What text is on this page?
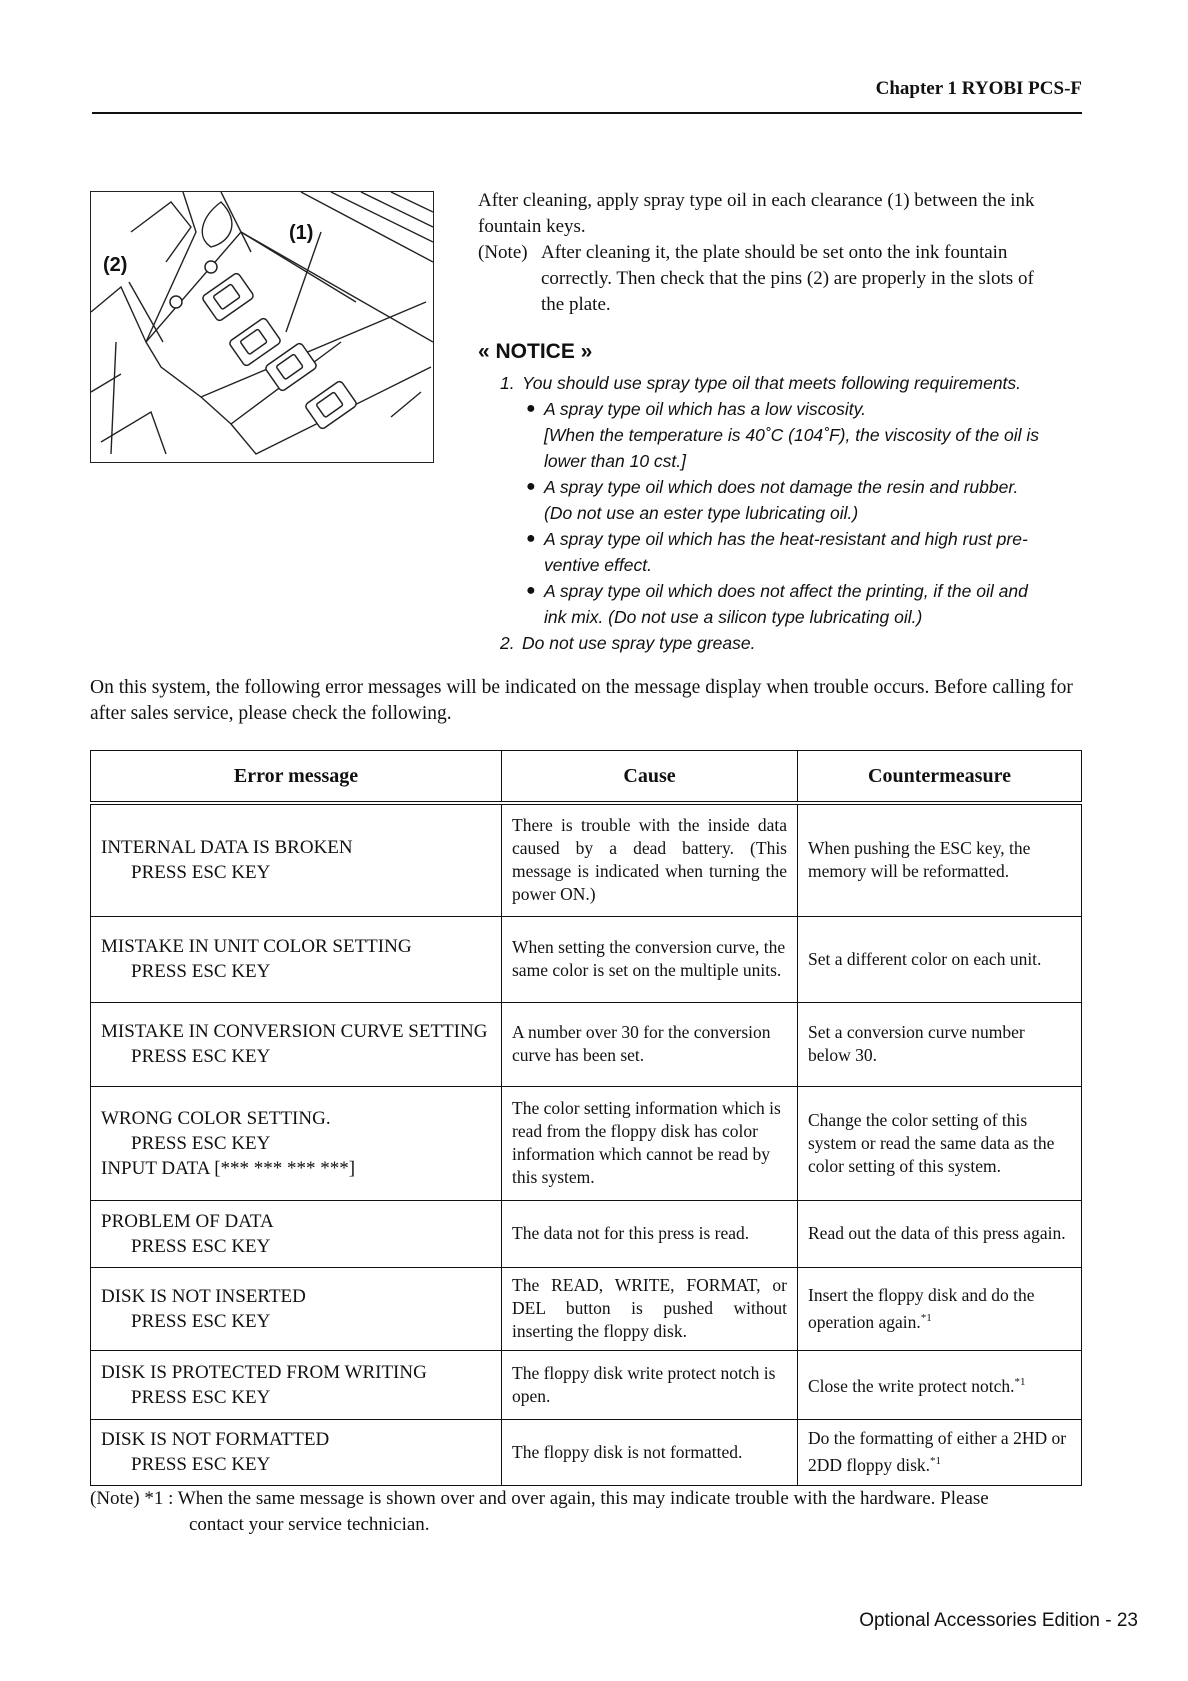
Chapter 1 RYOBI PCS-F
(1)
(2)

After cleaning, apply spray type oil in each clearance (1) between the ink fountain keys.

(Note) After cleaning it, the plate should be set onto the ink fountain
correctly. Then check that the pins (2) are properly in the slots of
the plate.
« NOTICE »
1. You should use spray type oil that meets following requirements.
● A spray type oil which has a low viscosity.
[When the temperature is 40˚C (104˚F), the viscosity of the oil is
lower than 10 cst.]
● A spray type oil which does not damage the resin and rubber.
(Do not use an ester type lubricating oil.)
● A spray type oil which has the heat-resistant and high rust pre-
ventive effect.
● A spray type oil which does not affect the printing, if the oil and
ink mix. (Do not use a silicon type lubricating oil.)
2. Do not use spray type grease.
On this system, the following error messages will be indicated on the message display when trouble occurs. Before calling for after sales service, please check the following.
Error message	Cause	Countermeasure

INTERNAL DATA IS BROKEN
PRESS ESC KEY	There is trouble with the inside data caused by a dead battery. (This message is indicated when turning the power ON.)	When pushing the ESC key, the memory will be reformatted.

MISTAKE IN UNIT COLOR SETTING
PRESS ESC KEY	When setting the conversion curve, the same color is set on the multiple units.	Set a different color on each unit.

MISTAKE IN CONVERSION CURVE SETTING
PRESS ESC KEY	A number over 30 for the conversion curve has been set.	Set a conversion curve number below 30.

WRONG COLOR SETTING.
PRESS ESC KEY
INPUT DATA [*** *** *** ***]	The color setting information which is read from the floppy disk has color information which cannot be read by this system.	Change the color setting of this system or read the same data as the color setting of this system.

PROBLEM OF DATA
PRESS ESC KEY	The data not for this press is read.	Read out the data of this press again.

DISK IS NOT INSERTED
PRESS ESC KEY	The READ, WRITE, FORMAT, or DEL button is pushed without inserting the floppy disk.	Insert the floppy disk and do the operation again.$^{*1}$

DISK IS PROTECTED FROM WRITING
PRESS ESC KEY	The floppy disk write protect notch is open.	Close the write protect notch.$^{*1}$

DISK IS NOT FORMATTED
PRESS ESC KEY	The floppy disk is not formatted.	Do the formatting of either a 2HD or 2DD floppy disk.$^{*1}$
(Note) *1 : When the same message is shown over and over again, this may indicate trouble with the hardware. Please
contact your service technician.
Optional Accessories Edition - 23
